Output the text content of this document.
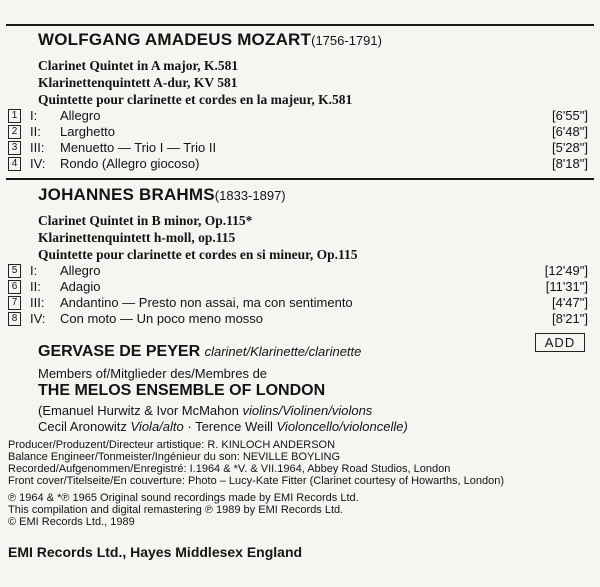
WOLFGANG AMADEUS MOZART(1756-1791)
Clarinet Quintet in A major, K.581
Klarinettenquintett A-dur, KV 581
Quintette pour clarinette et cordes en la majeur, K.581
1 I: Allegro	[6'55"]
2 II: Larghetto	[6'48"]
3 III: Menuetto — Trio I — Trio II	[5'28"]
4 IV: Rondo (Allegro giocoso)	[8'18"]
JOHANNES BRAHMS(1833-1897)
Clarinet Quintet in B minor, Op.115*
Klarinettenquintett h-moll, op.115
Quintette pour clarinette et cordes en si mineur, Op.115
5 I: Allegro	[12'49"]
6 II: Adagio	[11'31"]
7 III: Andantino — Presto non assai, ma con sentimento	[4'47"]
8 IV: Con moto — Un poco meno mosso	[8'21"]
ADD
GERVASE DE PEYER clarinet/Klarinette/clarinette
Members of/Mitglieder des/Membres de
THE MELOS ENSEMBLE OF LONDON
(Emanuel Hurwitz & Ivor McMahon violins/Violinen/violons
Cecil Aronowitz Viola/alto · Terence Weill Violoncello/violoncelle)
Producer/Produzent/Directeur artistique: R. KINLOCH ANDERSON
Balance Engineer/Tonmeister/Ingénieur du son: NEVILLE BOYLING
Recorded/Aufgenommen/Enregistré: I.1964 & *V. & VII.1964, Abbey Road Studios, London
Front cover/Titelseite/En couverture: Photo – Lucy-Kate Fitter (Clarinet courtesy of Howarths, London)
℗ 1964 & *℗ 1965 Original sound recordings made by EMI Records Ltd.
This compilation and digital remastering ℗ 1989 by EMI Records Ltd.
© EMI Records Ltd., 1989
EMI Records Ltd., Hayes Middlesex England
